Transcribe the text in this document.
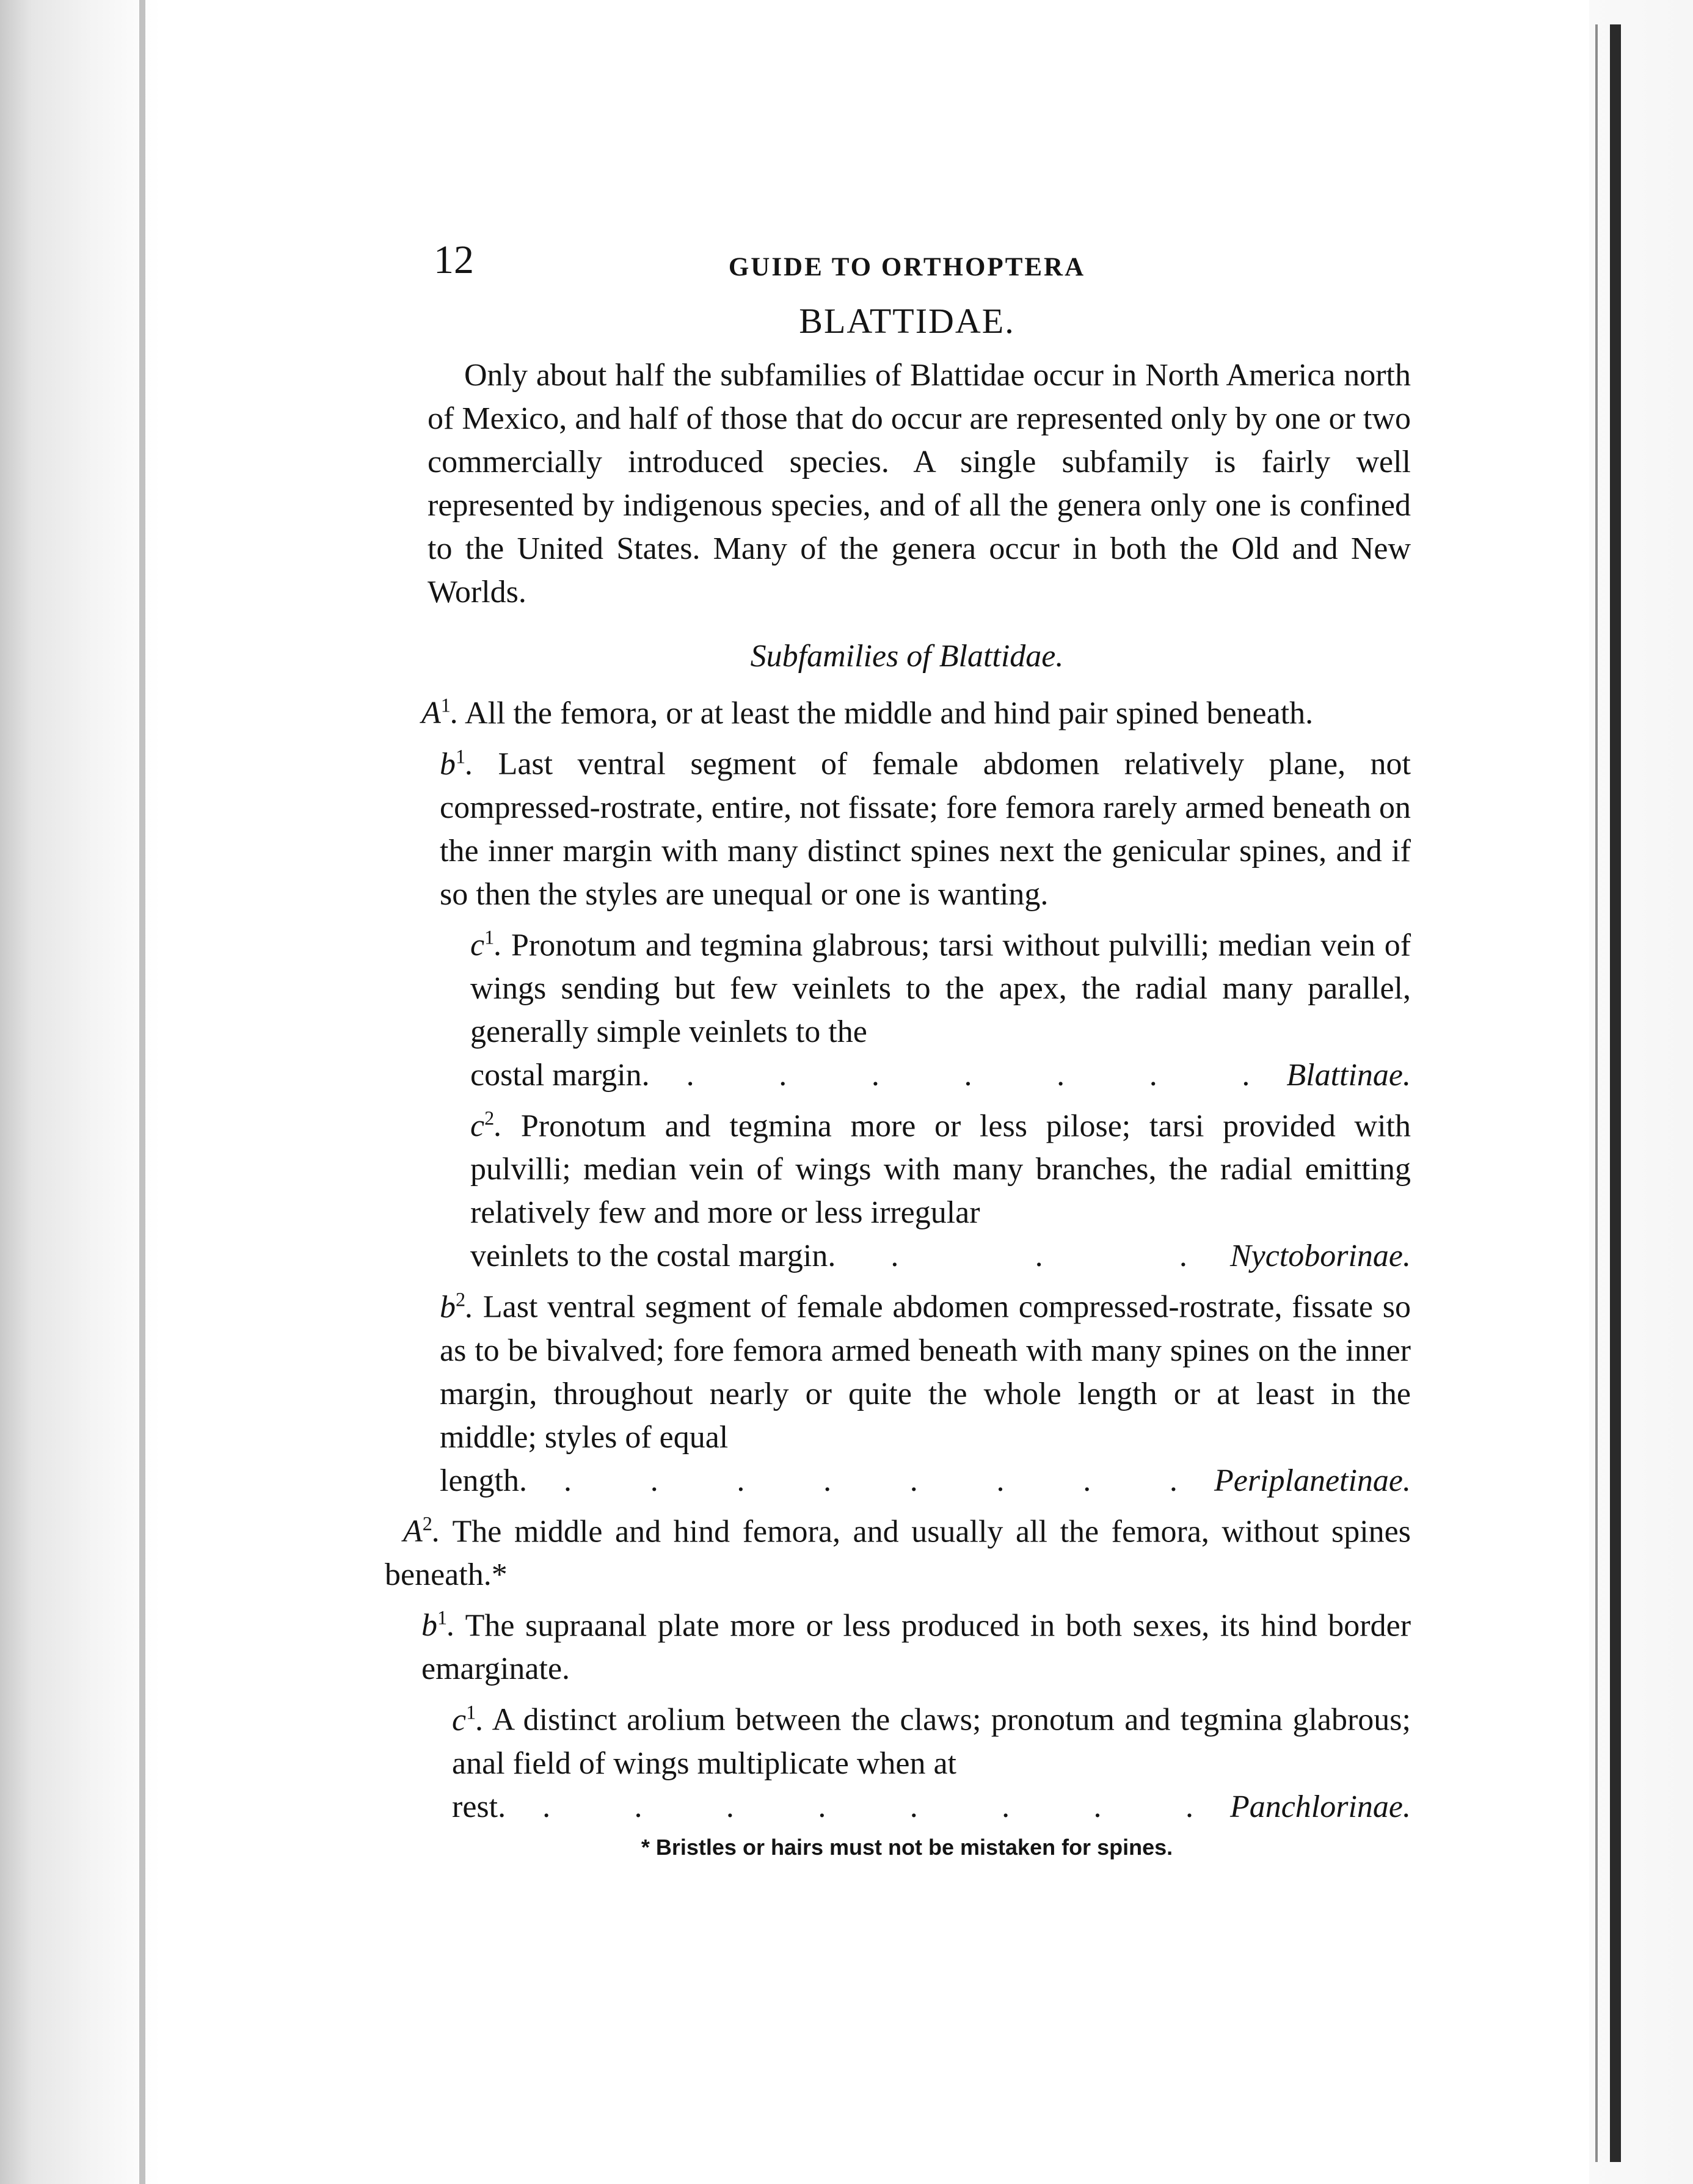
12	GUIDE TO ORTHOPTERA
BLATTIDAE.

Only about half the subfamilies of Blattidae occur in North America north of Mexico, and half of those that do occur are represented only by one or two commercially introduced species. A single subfamily is fairly well represented by indigenous species, and of all the genera only one is confined to the United States. Many of the genera occur in both the Old and New Worlds.

Subfamilies of Blattidae.

$A^1$. All the femora, or at least the middle and hind pair spined beneath.

$b^1$. Last ventral segment of female abdomen relatively plane, not compressed-rostrate, entire, not fissate; fore femora rarely armed beneath on the inner margin with many distinct spines next the genicular spines, and if so then the styles are unequal or one is wanting.

$c^1$. Pronotum and tegmina glabrous; tarsi without pulvilli; median vein of wings sending but few veinlets to the apex, the radial many parallel, generally simple veinlets to the

costal margin. .	.	.	.	.	.	. Blattinae.

$c^2$. Pronotum and tegmina more or less pilose; tarsi provided with pulvilli; median vein of wings with many branches, the radial emitting relatively few and more or less irregular

veinlets to the costal margin. .	.	. Nyctoborinae.

$b^2$. Last ventral segment of female abdomen compressed-rostrate, fissate so as to be bivalved; fore femora armed beneath with many spines on the inner margin, throughout nearly or quite the whole length or at least in the middle; styles of equal

length. . . . . . . . . Periplanetinae.

$A^2$. The middle and hind femora, and usually all the femora, without spines beneath.*

$b^1$. The supraanal plate more or less produced in both sexes, its hind border emarginate.

$c^1$. A distinct arolium between the claws; pronotum and tegmina glabrous; anal field of wings multiplicate when at

rest. .	.	.	.	.	.	.	. Panchlorinae.
* Bristles or hairs must not be mistaken for spines.
